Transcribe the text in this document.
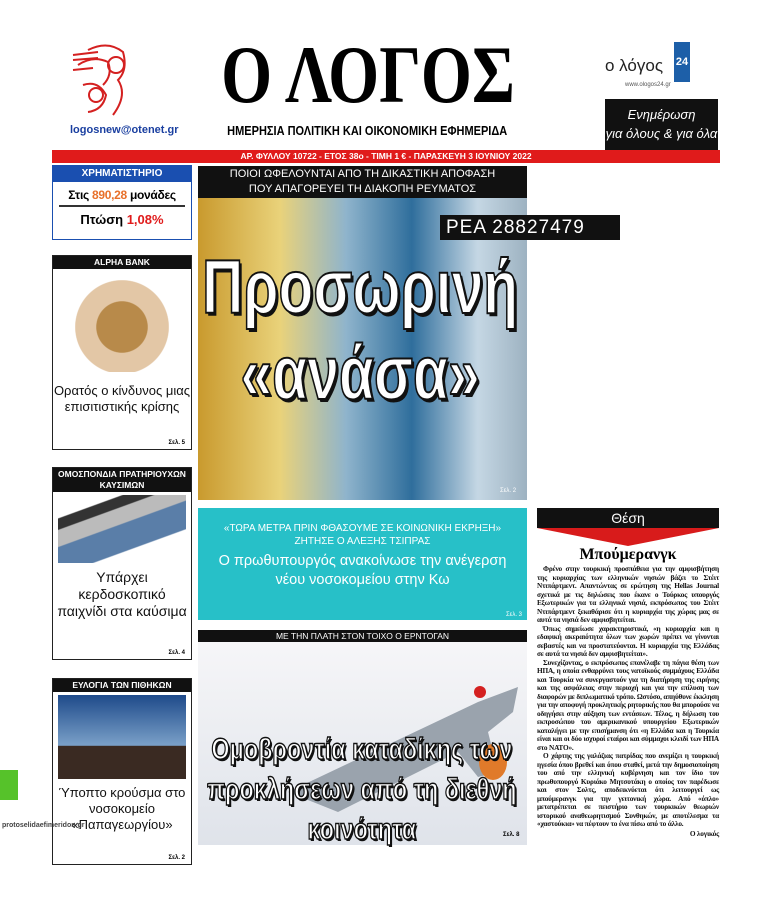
logosnew@otenet.gr
Ο ΛΟΓΟΣ
ΗΜΕΡΗΣΙΑ ΠΟΛΙΤΙΚΗ ΚΑΙ ΟΙΚΟΝΟΜΙΚΗ ΕΦΗΜΕΡΙΔΑ
ο λόγος 24
www.ologos24.gr
Ενημέρωση
για όλους & για όλα
ΑΡ. ΦΥΛΛΟΥ 10722 - ΕΤΟΣ 38ο - ΤΙΜΗ 1 € - ΠΑΡΑΣΚΕΥΗ 3 ΙΟΥΝΙΟΥ 2022
ΧΡΗΜΑΤΙΣΤΗΡΙΟ
Στις 890,28 μονάδες
Πτώση 1,08%
ALPHA BANK
Ορατός ο κίνδυνος μιας επισιτιστικής κρίσης
Σελ. 5
ΟΜΟΣΠΟΝΔΙΑ ΠΡΑΤΗΡΙΟΥΧΩΝ ΚΑΥΣΙΜΩΝ
Υπάρχει κερδοσκοπικό παιχνίδι στα καύσιμα
Σελ. 4
ΕΥΛΟΓΙΑ ΤΩΝ ΠΙΘΗΚΩΝ
Ύποπτο κρούσμα στο νοσοκομείο «Παπαγεωργίου»
Σελ. 2
ΠΟΙΟΙ ΩΦΕΛΟΥΝΤΑΙ ΑΠΟ ΤΗ ΔΙΚΑΣΤΙΚΗ ΑΠΟΦΑΣΗ
ΠΟΥ ΑΠΑΓΟΡΕΥΕΙ ΤΗ ΔΙΑΚΟΠΗ ΡΕΥΜΑΤΟΣ
ΡΕΑ 28827479
Προσωρινή
«ανάσα»
Σελ. 2
«ΤΩΡΑ ΜΕΤΡΑ ΠΡΙΝ ΦΘΑΣΟΥΜΕ ΣΕ ΚΟΙΝΩΝΙΚΗ ΕΚΡΗΞΗ»
ΖΗΤΗΣΕ Ο ΑΛΕΞΗΣ ΤΣΙΠΡΑΣ
Ο πρωθυπουργός ανακοίνωσε την ανέγερση νέου νοσοκομείου στην Κω
Σελ. 3
ΜΕ ΤΗΝ ΠΛΑΤΗ ΣΤΟΝ ΤΟΙΧΟ Ο ΕΡΝΤΟΓΑΝ
Ομοβροντία καταδίκης των προκλήσεων από τη διεθνή κοινότητα	Σελ. 8
Θέση
Μπούμερανγκ

Φρένο στην τουρκική προσπάθεια για την αμφισβήτηση της κυριαρχίας των ελληνικών νησιών βάζει το Στέιτ Ντιπάρτμεντ. Απαντώντας σε ερώτηση της Hellas Journal σχετικά με τις δηλώσεις που έκανε ο Τούρκος υπουργός Εξωτερικών για τα ελληνικά νησιά, εκπρόσωπος του Στέιτ Ντιπάρτμεντ ξεκαθάρισε ότι η κυριαρχία της χώρας μας σε αυτά τα νησιά δεν αμφισβητείται.

Όπως σημείωσε χαρακτηριστικά, «η κυριαρχία και η εδαφική ακεραιότητα όλων των χωρών πρέπει να γίνονται σεβαστές και να προστατεύονται. Η κυριαρχία της Ελλάδας σε αυτά τα νησιά δεν αμφισβητείται».

Συνεχίζοντας, ο εκπρόσωπος επανέλαβε τη πάγια θέση των ΗΠΑ, η οποία ενθαρρύνει τους νατοϊκούς συμμάχους Ελλάδα και Τουρκία να συνεργαστούν για τη διατήρηση της ειρήνης και της ασφάλειας στην περιοχή και για την επίλυση των διαφορών με διπλωματικό τρόπο. Ωστόσο, απηύθυνε έκκληση για την αποφυγή προκλητικής ρητορικής που θα μπορούσε να οδηγήσει στην αύξηση των εντάσεων. Τέλος, η δήλωση του εκπροσώπου του αμερικανικού υπουργείου Εξωτερικών καταλήγει με την επισήμανση ότι «η Ελλάδα και η Τουρκία είναι και οι δύο ισχυροί εταίροι και σύμμαχοι κλειδί των ΗΠΑ στο ΝΑΤΟ».

Ο χάρτης της γαλάζιας πατρίδας που ανεμίζει η τουρκική ηγεσία όπου βρεθεί και όπου σταθεί, μετά την δημοσιοποίηση του από την ελληνική κυβέρνηση και τον ίδιο τον πρωθυπουργό Κυριάκο Μητσοτάκη ο οποίος τον παρέδωσε και στον Σολτς, αποδεικνύεται ότι λειτουργεί ως μπούμερανγκ για την γειτονική χώρα. Από «όπλο» μετατρέπεται σε πειστήριο των τουρκικών θεωριών ιστορικού αναθεωρητισμού Συνθηκών, με αποτέλεσμα τα «χαστούκια» να πέφτουν το ένα πίσω από το άλλο.

Ο λογικός
protoselidaefimeridon.gr
